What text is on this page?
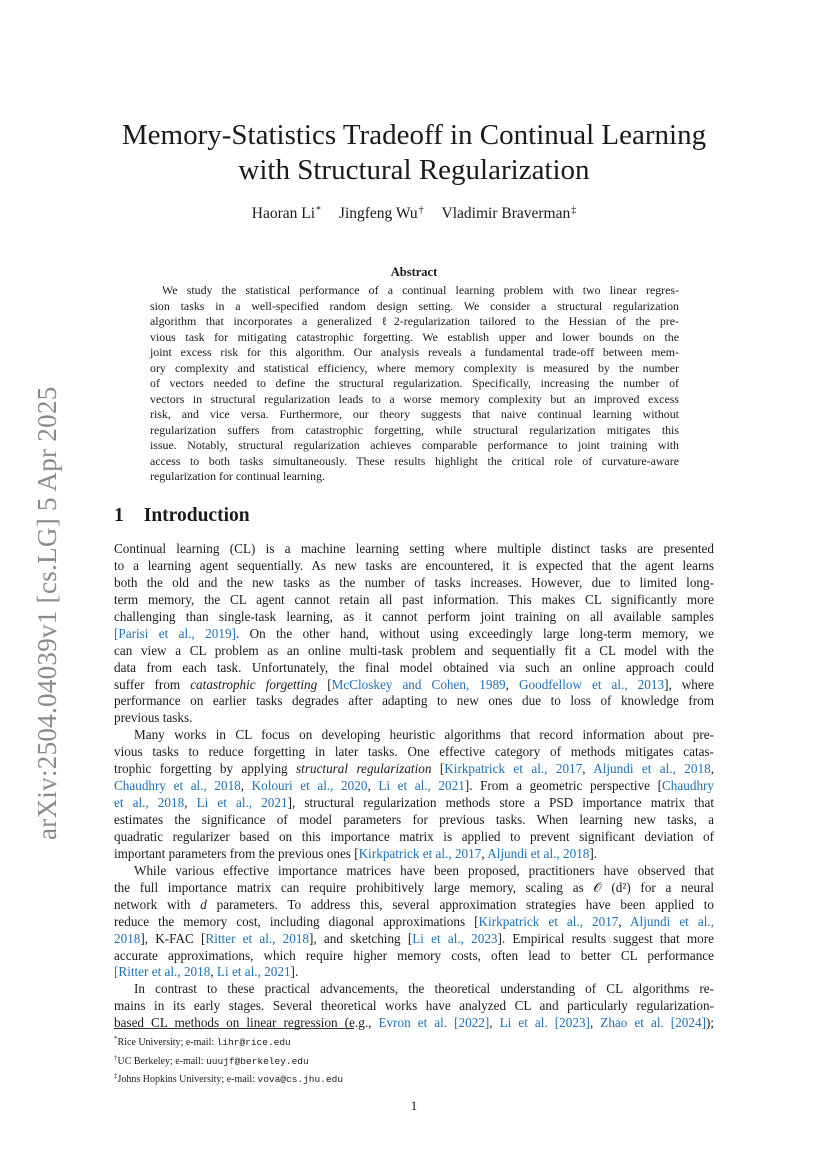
arXiv:2504.04039v1 [cs.LG] 5 Apr 2025
Memory-Statistics Tradeoff in Continual Learning
with Structural Regularization
Haoran Li* Jingfeng Wu† Vladimir Braverman‡
Abstract
We study the statistical performance of a continual learning problem with two linear regres-
sion tasks in a well-specified random design setting. We consider a structural regularization
algorithm that incorporates a generalized ℓ2-regularization tailored to the Hessian of the pre-
vious task for mitigating catastrophic forgetting. We establish upper and lower bounds on the
joint excess risk for this algorithm. Our analysis reveals a fundamental trade-off between mem-
ory complexity and statistical efficiency, where memory complexity is measured by the number
of vectors needed to define the structural regularization. Specifically, increasing the number of
vectors in structural regularization leads to a worse memory complexity but an improved excess
risk, and vice versa. Furthermore, our theory suggests that naive continual learning without
regularization suffers from catastrophic forgetting, while structural regularization mitigates this
issue. Notably, structural regularization achieves comparable performance to joint training with
access to both tasks simultaneously. These results highlight the critical role of curvature-aware
regularization for continual learning.
1 Introduction
Continual learning (CL) is a machine learning setting where multiple distinct tasks are presented
to a learning agent sequentially. As new tasks are encountered, it is expected that the agent learns
both the old and the new tasks as the number of tasks increases. However, due to limited long-
term memory, the CL agent cannot retain all past information. This makes CL significantly more
challenging than single-task learning, as it cannot perform joint training on all available samples
[Parisi et al., 2019]. On the other hand, without using exceedingly large long-term memory, we
can view a CL problem as an online multi-task problem and sequentially fit a CL model with the
data from each task. Unfortunately, the final model obtained via such an online approach could
suffer from catastrophic forgetting [McCloskey and Cohen, 1989, Goodfellow et al., 2013], where
performance on earlier tasks degrades after adapting to new ones due to loss of knowledge from
previous tasks.
Many works in CL focus on developing heuristic algorithms that record information about pre-
vious tasks to reduce forgetting in later tasks. One effective category of methods mitigates catas-
trophic forgetting by applying structural regularization [Kirkpatrick et al., 2017, Aljundi et al., 2018,
Chaudhry et al., 2018, Kolouri et al., 2020, Li et al., 2021]. From a geometric perspective [Chaudhry
et al., 2018, Li et al., 2021], structural regularization methods store a PSD importance matrix that
estimates the significance of model parameters for previous tasks. When learning new tasks, a
quadratic regularizer based on this importance matrix is applied to prevent significant deviation of
important parameters from the previous ones [Kirkpatrick et al., 2017, Aljundi et al., 2018].
While various effective importance matrices have been proposed, practitioners have observed that
the full importance matrix can require prohibitively large memory, scaling as 𝒪 (d²) for a neural
network with d parameters. To address this, several approximation strategies have been applied to
reduce the memory cost, including diagonal approximations [Kirkpatrick et al., 2017, Aljundi et al.,
2018], K-FAC [Ritter et al., 2018], and sketching [Li et al., 2023]. Empirical results suggest that more
accurate approximations, which require higher memory costs, often lead to better CL performance
[Ritter et al., 2018, Li et al., 2021].
In contrast to these practical advancements, the theoretical understanding of CL algorithms re-
mains in its early stages. Several theoretical works have analyzed CL and particularly regularization-
based CL methods on linear regression (e.g., Evron et al. [2022], Li et al. [2023], Zhao et al. [2024]);
*Rice University; e-mail: lihr@rice.edu
†UC Berkeley; e-mail: uuujf@berkeley.edu
‡Johns Hopkins University; e-mail: vova@cs.jhu.edu
1
